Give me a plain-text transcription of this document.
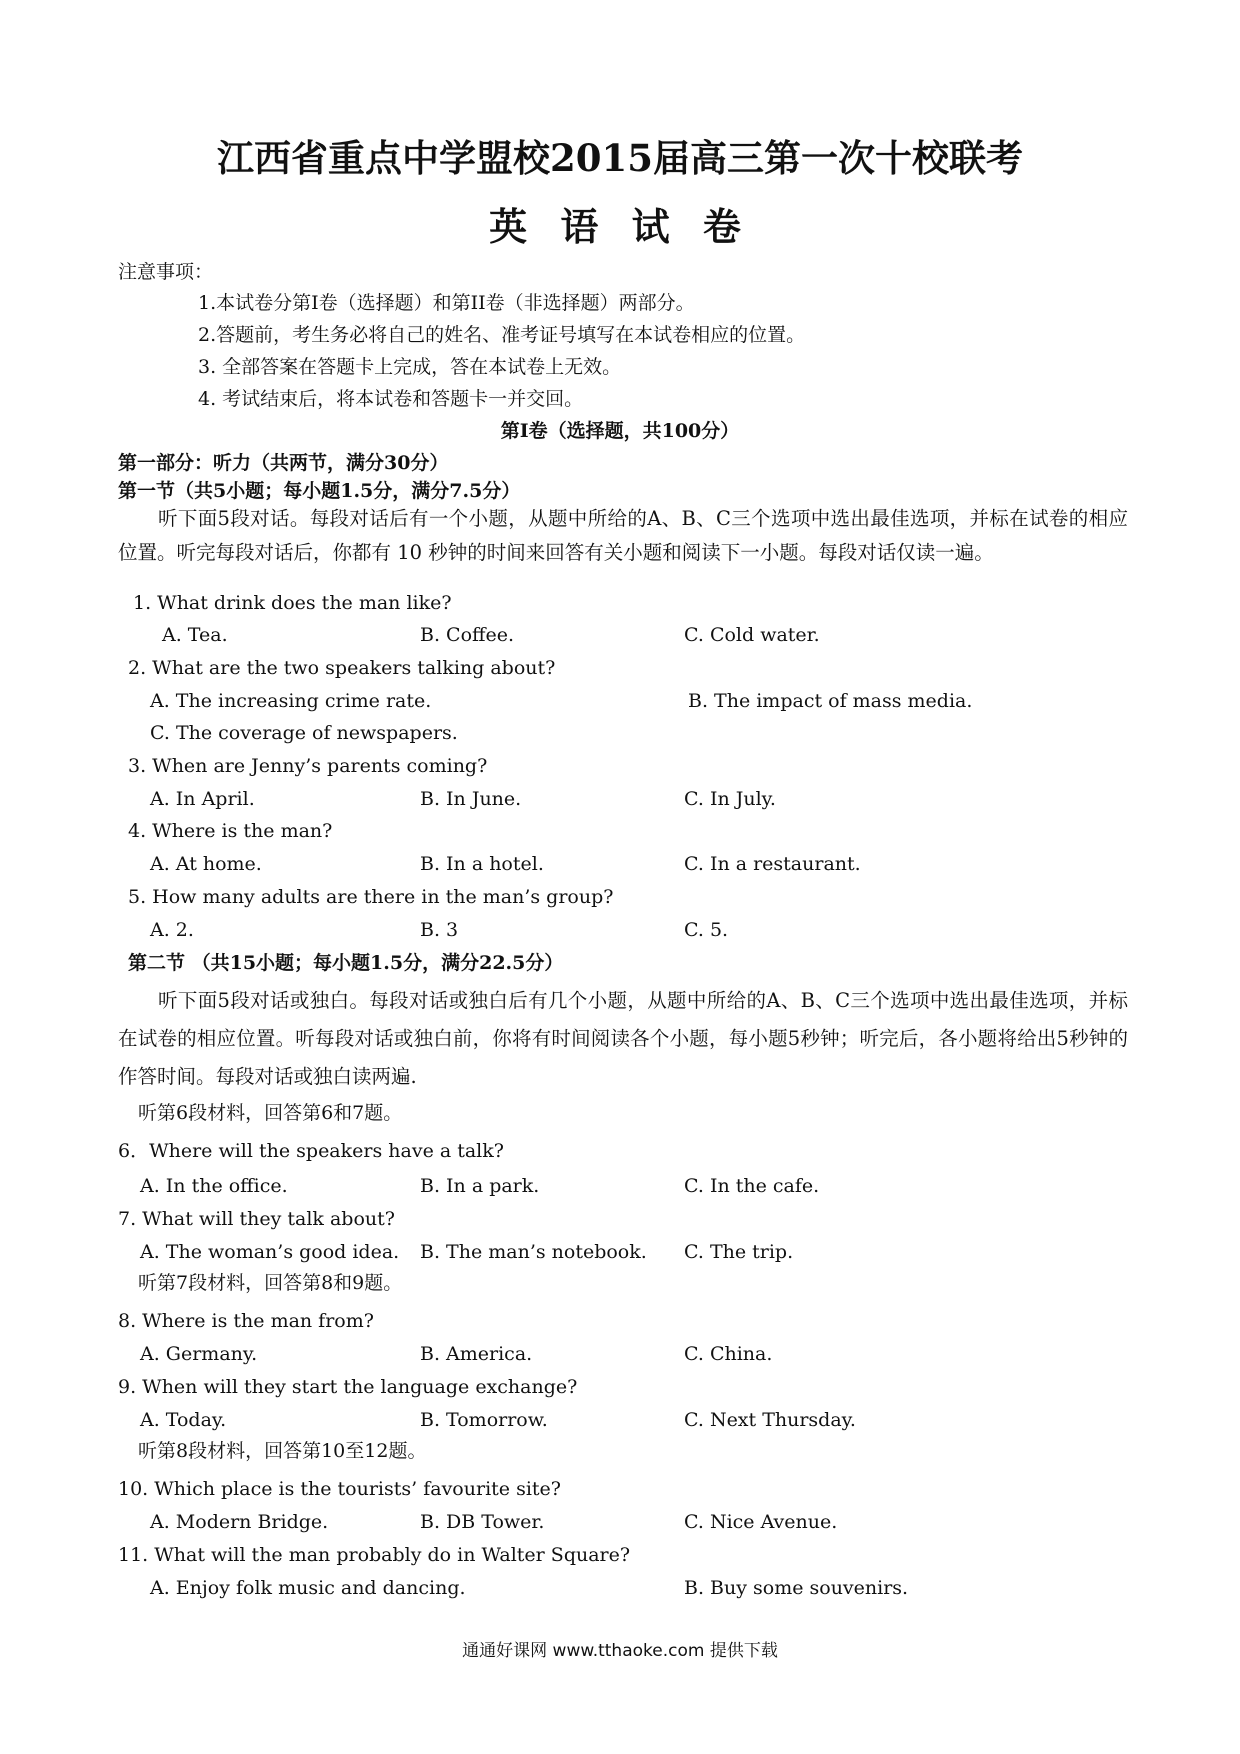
江西省重点中学盟校2015届高三第一次十校联考
英 语 试 卷
注意事项：
1.本试卷分第I卷（选择题）和第II卷（非选择题）两部分。
2.答题前，考生务必将自己的姓名、准考证号填写在本试卷相应的位置。
3. 全部答案在答题卡上完成，答在本试卷上无效。
4. 考试结束后，将本试卷和答题卡一并交回。
第I卷（选择题，共100分）
第一部分：听力（共两节，满分30分）
第一节（共5小题；每小题1.5分，满分7.5分）
听下面5段对话。每段对话后有一个小题，从题中所给的A、B、C三个选项中选出最佳选项，并标在试卷的相应位置。听完每段对话后，你都有 10 秒钟的时间来回答有关小题和阅读下一小题。每段对话仅读一遍。
1. What drink does the man like?
A. Tea.	B. Coffee.	C. Cold water.
2. What are the two speakers talking about?
A. The increasing crime rate.	B. The impact of mass media.
C. The coverage of newspapers.
3. When are Jenny’s parents coming?
A. In April.	B. In June.	C. In July.
4. Where is the man?
A. At home.	B. In a hotel.	C. In a restaurant.
5. How many adults are there in the man’s group?
A. 2.	B. 3	C. 5.
第二节 （共15小题；每小题1.5分，满分22.5分）
听下面5段对话或独白。每段对话或独白后有几个小题，从题中所给的A、B、C三个选项中选出最佳选项，并标在试卷的相应位置。听每段对话或独白前，你将有时间阅读各个小题，每小题5秒钟；听完后，各小题将给出5秒钟的作答时间。每段对话或独白读两遍.
听第6段材料，回答第6和7题。
6．Where will the speakers have a talk?
A. In the office.	B. In a park.	C. In the cafe.
7. What will they talk about?
A. The woman’s good idea. B. The man’s notebook. C. The trip.
听第7段材料，回答第8和9题。
8. Where is the man from?
A. Germany.	B. America.	C. China.
9. When will they start the language exchange?
A. Today.	B. Tomorrow.	C. Next Thursday.
听第8段材料，回答第10至12题。
10. Which place is the tourists’ favourite site?
A. Modern Bridge.	B. DB Tower.	C. Nice Avenue.
11. What will the man probably do in Walter Square?
A. Enjoy folk music and dancing.	B. Buy some souvenirs.
通通好课网 www.tthaoke.com 提供下载
